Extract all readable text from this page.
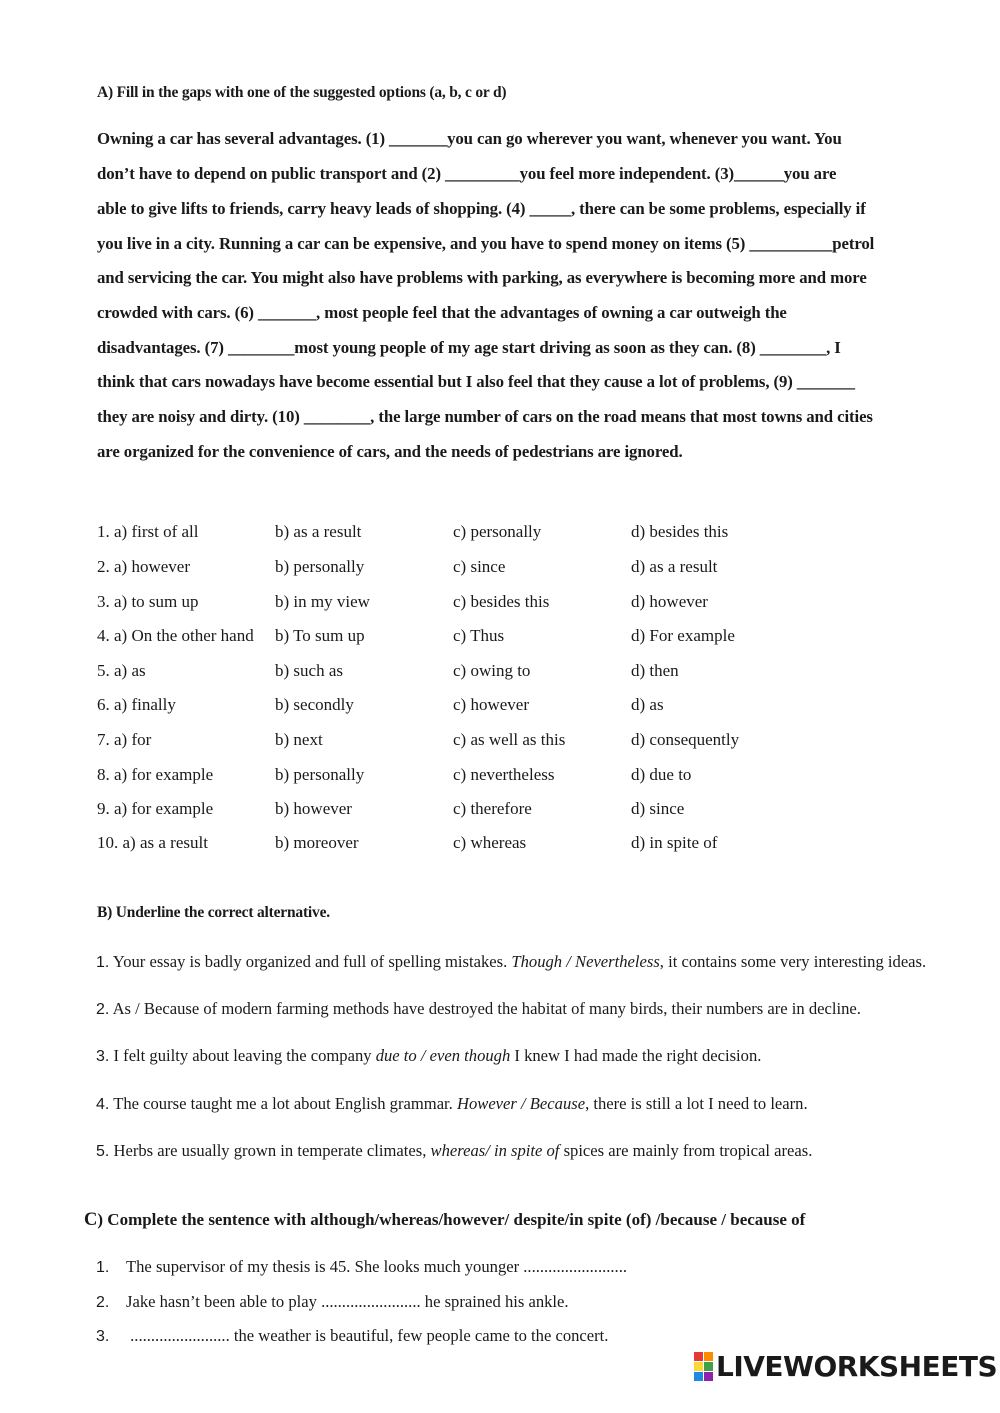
A) Fill in the gaps with one of the suggested options (a, b, c or d)
Owning a car has several advantages. (1) _______you can go wherever you want, whenever you want. You
don’t have to depend on public transport and (2) _________you feel more independent. (3)______you are
able to give lifts to friends, carry heavy leads of shopping. (4) _____, there can be some problems, especially if
you live in a city. Running a car can be expensive, and you have to spend money on items (5) __________petrol
and servicing the car. You might also have problems with parking, as everywhere is becoming more and more
crowded with cars. (6) _______, most people feel that the advantages of owning a car outweigh the
disadvantages. (7) ________most young people of my age start driving as soon as they can. (8) ________, I
think that cars nowadays have become essential but I also feel that they cause a lot of problems, (9) _______
they are noisy and dirty. (10) ________, the large number of cars on the road means that most towns and cities
are organized for the convenience of cars, and the needs of pedestrians are ignored.
1. a) first of all	b) as a result	c) personally	d) besides this
2. a) however	b) personally	c) since	d) as a result
3. a) to sum up	b) in my view	c) besides this	d) however
4. a) On the other hand b) To sum up	c) Thus	d) For example
5. a) as	b) such as	c) owing to	d) then
6. a) finally	b) secondly	c) however	d) as
7. a) for	b) next	c) as well as this	d) consequently
8. a) for example	b) personally	c) nevertheless	d) due to
9. a) for example	b) however	c) therefore	d) since
10. a) as a result	b) moreover	c) whereas	d) in spite of
B) Underline the correct alternative.
1. Your essay is badly organized and full of spelling mistakes. Though / Nevertheless, it contains some very interesting ideas.
2. As / Because of modern farming methods have destroyed the habitat of many birds, their numbers are in decline.
3. I felt guilty about leaving the company due to / even though I knew I had made the right decision.
4. The course taught me a lot about English grammar. However / Because, there is still a lot I need to learn.
5. Herbs are usually grown in temperate climates, whereas/ in spite of spices are mainly from tropical areas.
C) Complete the sentence with although/whereas/however/ despite/in spite (of) /because / because of
1. The supervisor of my thesis is 45. She looks much younger .........................
2. Jake hasn’t been able to play ........................ he sprained his ankle.
3. ........................ the weather is beautiful, few people came to the concert.
LIVEWORKSHEETS
